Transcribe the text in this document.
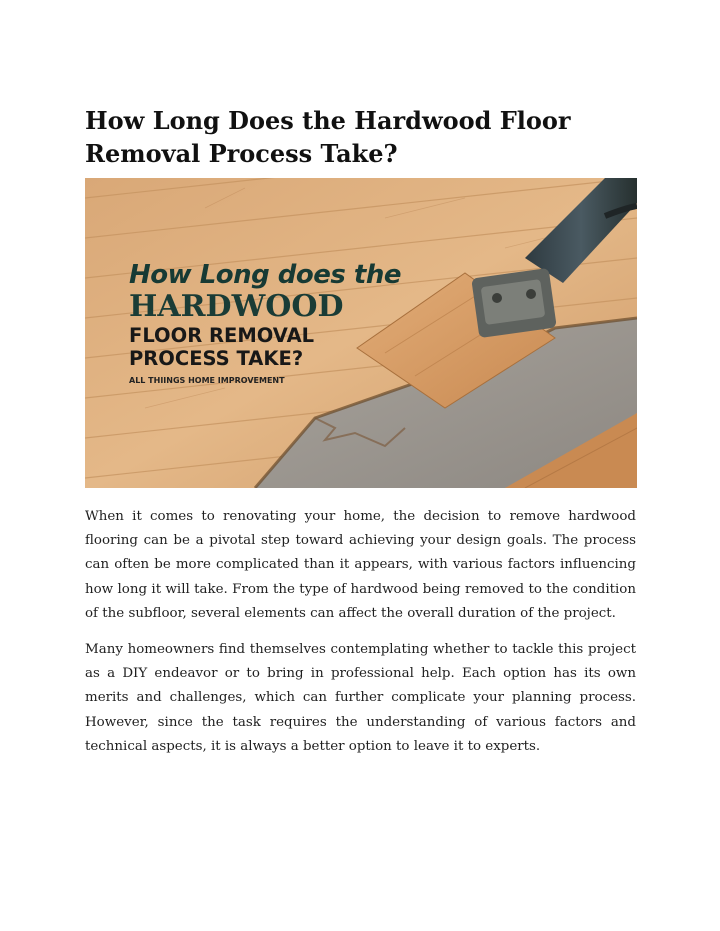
How Long Does the Hardwood Floor Removal Process Take?
How Long does the
HARDWOOD
FLOOR REMOVAL
PROCESS TAKE?
ALL THIINGS HOME IMPROVEMENT

When it comes to renovating your home, the decision to remove hardwood flooring can be a pivotal step toward achieving your design goals. The process can often be more complicated than it appears, with various factors influencing how long it will take. From the type of hardwood being removed to the condition of the subfloor, several elements can affect the overall duration of the project.

Many homeowners find themselves contemplating whether to tackle this project as a DIY endeavor or to bring in professional help. Each option has its own merits and challenges, which can further complicate your planning process. However, since the task requires the understanding of various factors and technical aspects, it is always a better option to leave it to experts.
